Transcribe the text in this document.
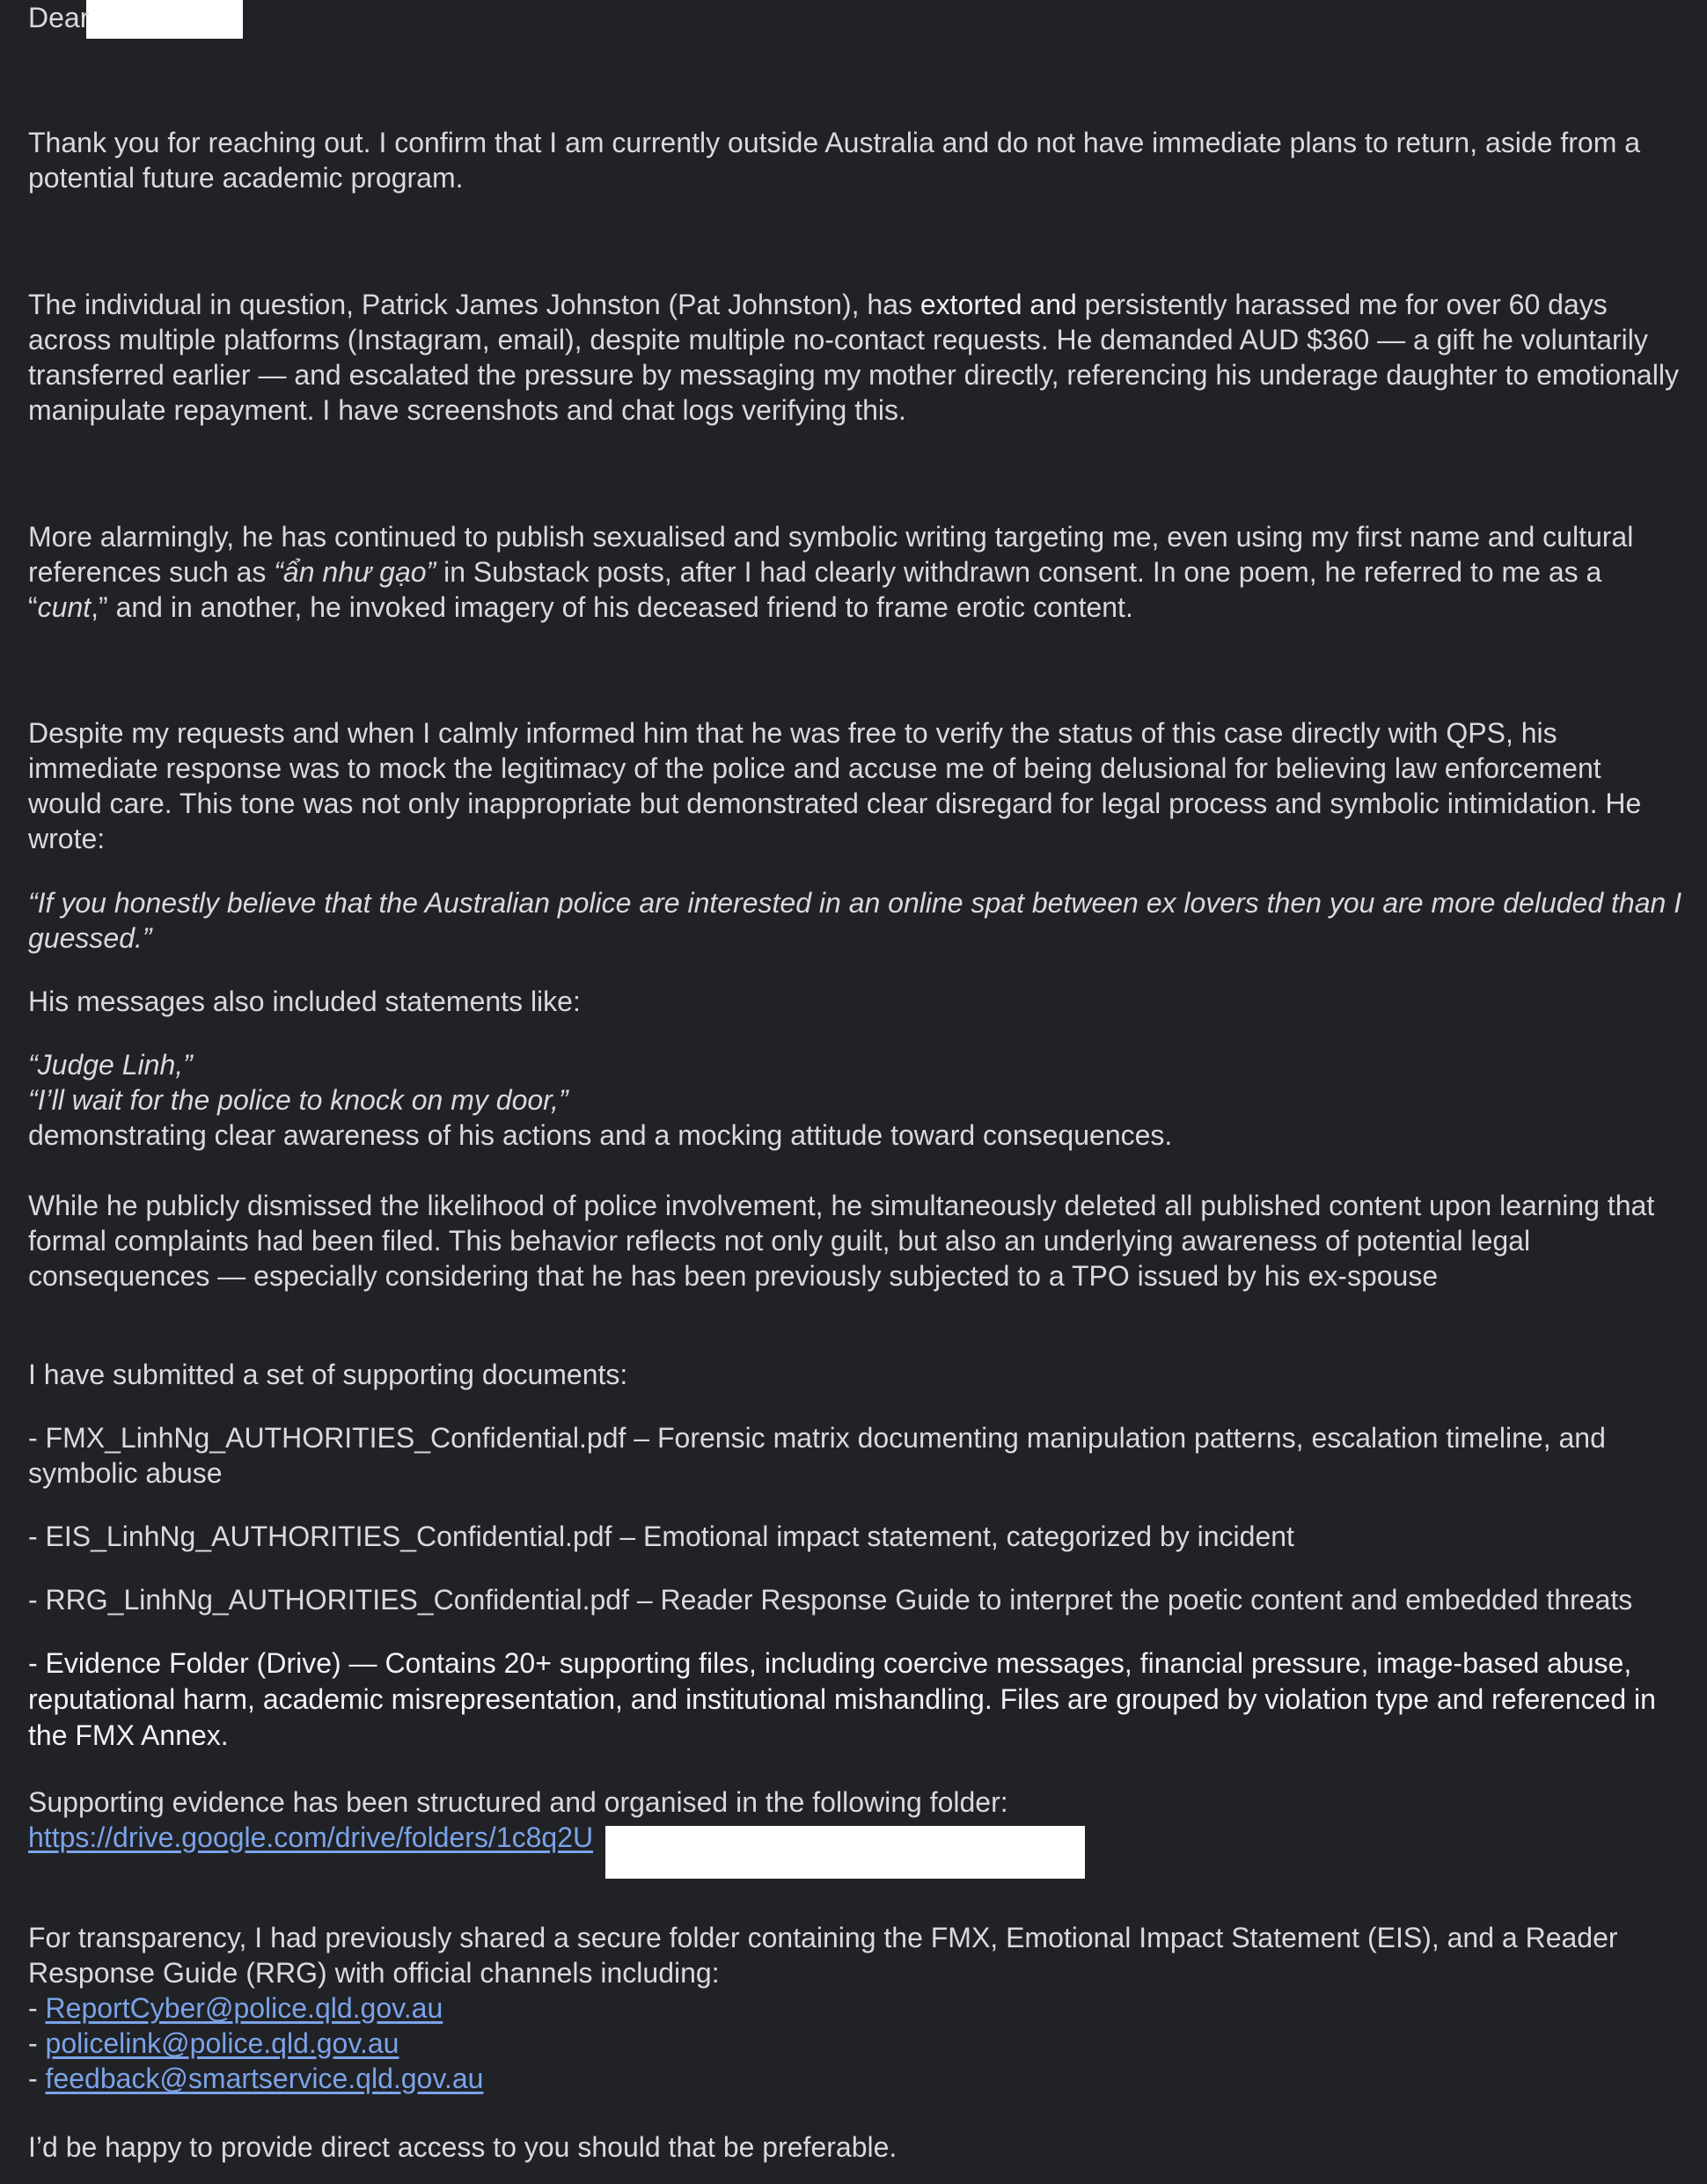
Dear

Thank you for reaching out. I confirm that I am currently outside Australia and do not have immediate plans to return, aside from a potential future academic program.

The individual in question, Patrick James Johnston (Pat Johnston), has extorted and persistently harassed me for over 60 days across multiple platforms (Instagram, email), despite multiple no-contact requests. He demanded AUD $360 — a gift he voluntarily transferred earlier — and escalated the pressure by messaging my mother directly, referencing his underage daughter to emotionally manipulate repayment. I have screenshots and chat logs verifying this.

More alarmingly, he has continued to publish sexualised and symbolic writing targeting me, even using my first name and cultural references such as “ẩn như gạo” in Substack posts, after I had clearly withdrawn consent. In one poem, he referred to me as a “cunt,” and in another, he invoked imagery of his deceased friend to frame erotic content.

Despite my requests and when I calmly informed him that he was free to verify the status of this case directly with QPS, his immediate response was to mock the legitimacy of the police and accuse me of being delusional for believing law enforcement would care. This tone was not only inappropriate but demonstrated clear disregard for legal process and symbolic intimidation. He wrote:

“If you honestly believe that the Australian police are interested in an online spat between ex lovers then you are more deluded than I guessed.”

His messages also included statements like:

“Judge Linh,”

“I’ll wait for the police to knock on my door,”

demonstrating clear awareness of his actions and a mocking attitude toward consequences.

While he publicly dismissed the likelihood of police involvement, he simultaneously deleted all published content upon learning that formal complaints had been filed. This behavior reflects not only guilt, but also an underlying awareness of potential legal consequences — especially considering that he has been previously subjected to a TPO issued by his ex-spouse

I have submitted a set of supporting documents:

- FMX_LinhNg_AUTHORITIES_Confidential.pdf – Forensic matrix documenting manipulation patterns, escalation timeline, and symbolic abuse

- EIS_LinhNg_AUTHORITIES_Confidential.pdf – Emotional impact statement, categorized by incident

- RRG_LinhNg_AUTHORITIES_Confidential.pdf – Reader Response Guide to interpret the poetic content and embedded threats

- Evidence Folder (Drive) — Contains 20+ supporting files, including coercive messages, financial pressure, image-based abuse, reputational harm, academic misrepresentation, and institutional mishandling. Files are grouped by violation type and referenced in the FMX Annex.

Supporting evidence has been structured and organised in the following folder:

https://drive.google.com/drive/folders/1c8q2U

For transparency, I had previously shared a secure folder containing the FMX, Emotional Impact Statement (EIS), and a Reader Response Guide (RRG) with official channels including:

- ReportCyber@police.qld.gov.au

- policelink@police.qld.gov.au

- feedback@smartservice.qld.gov.au

I’d be happy to provide direct access to you should that be preferable.
